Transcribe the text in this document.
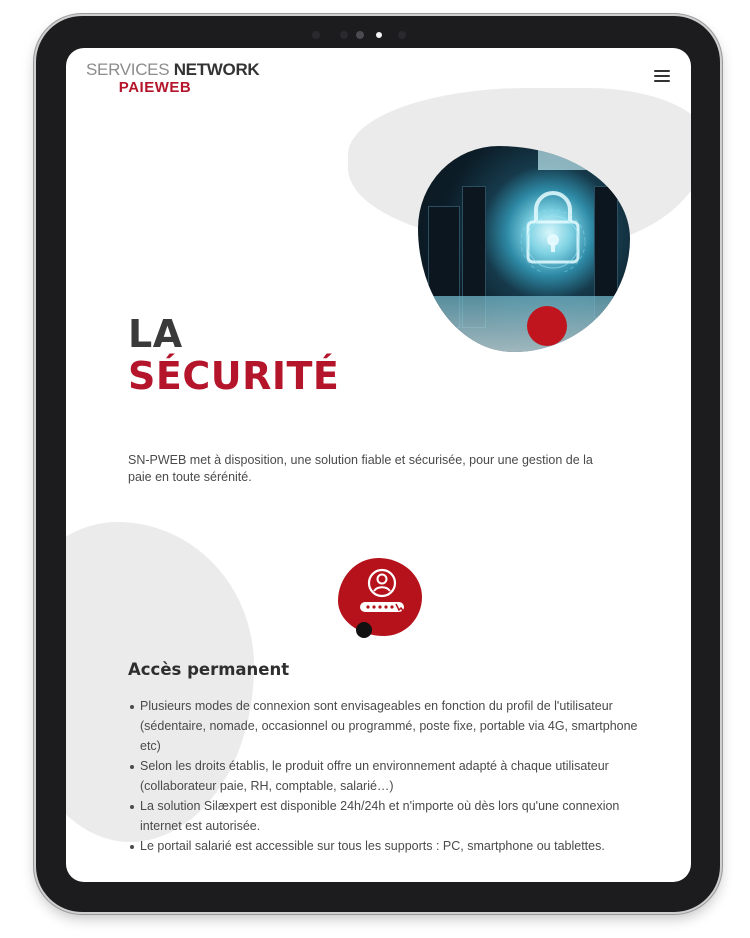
SERVICES NETWORK
PAIEWEB
LA
SÉCURITÉ
SN-PWEB met à disposition, une solution fiable et sécurisée, pour une gestion de la paie en toute sérénité.
Accès permanent
Plusieurs modes de connexion sont envisageables en fonction du profil de l'utilisateur (sédentaire, nomade, occasionnel ou programmé, poste fixe, portable via 4G, smartphone etc)
Selon les droits établis, le produit offre un environnement adapté à chaque utilisateur (collaborateur paie, RH, comptable, salarié…)
La solution Silæxpert est disponible 24h/24h et n'importe où dès lors qu'une connexion internet est autorisée.
Le portail salarié est accessible sur tous les supports : PC, smartphone ou tablettes.
